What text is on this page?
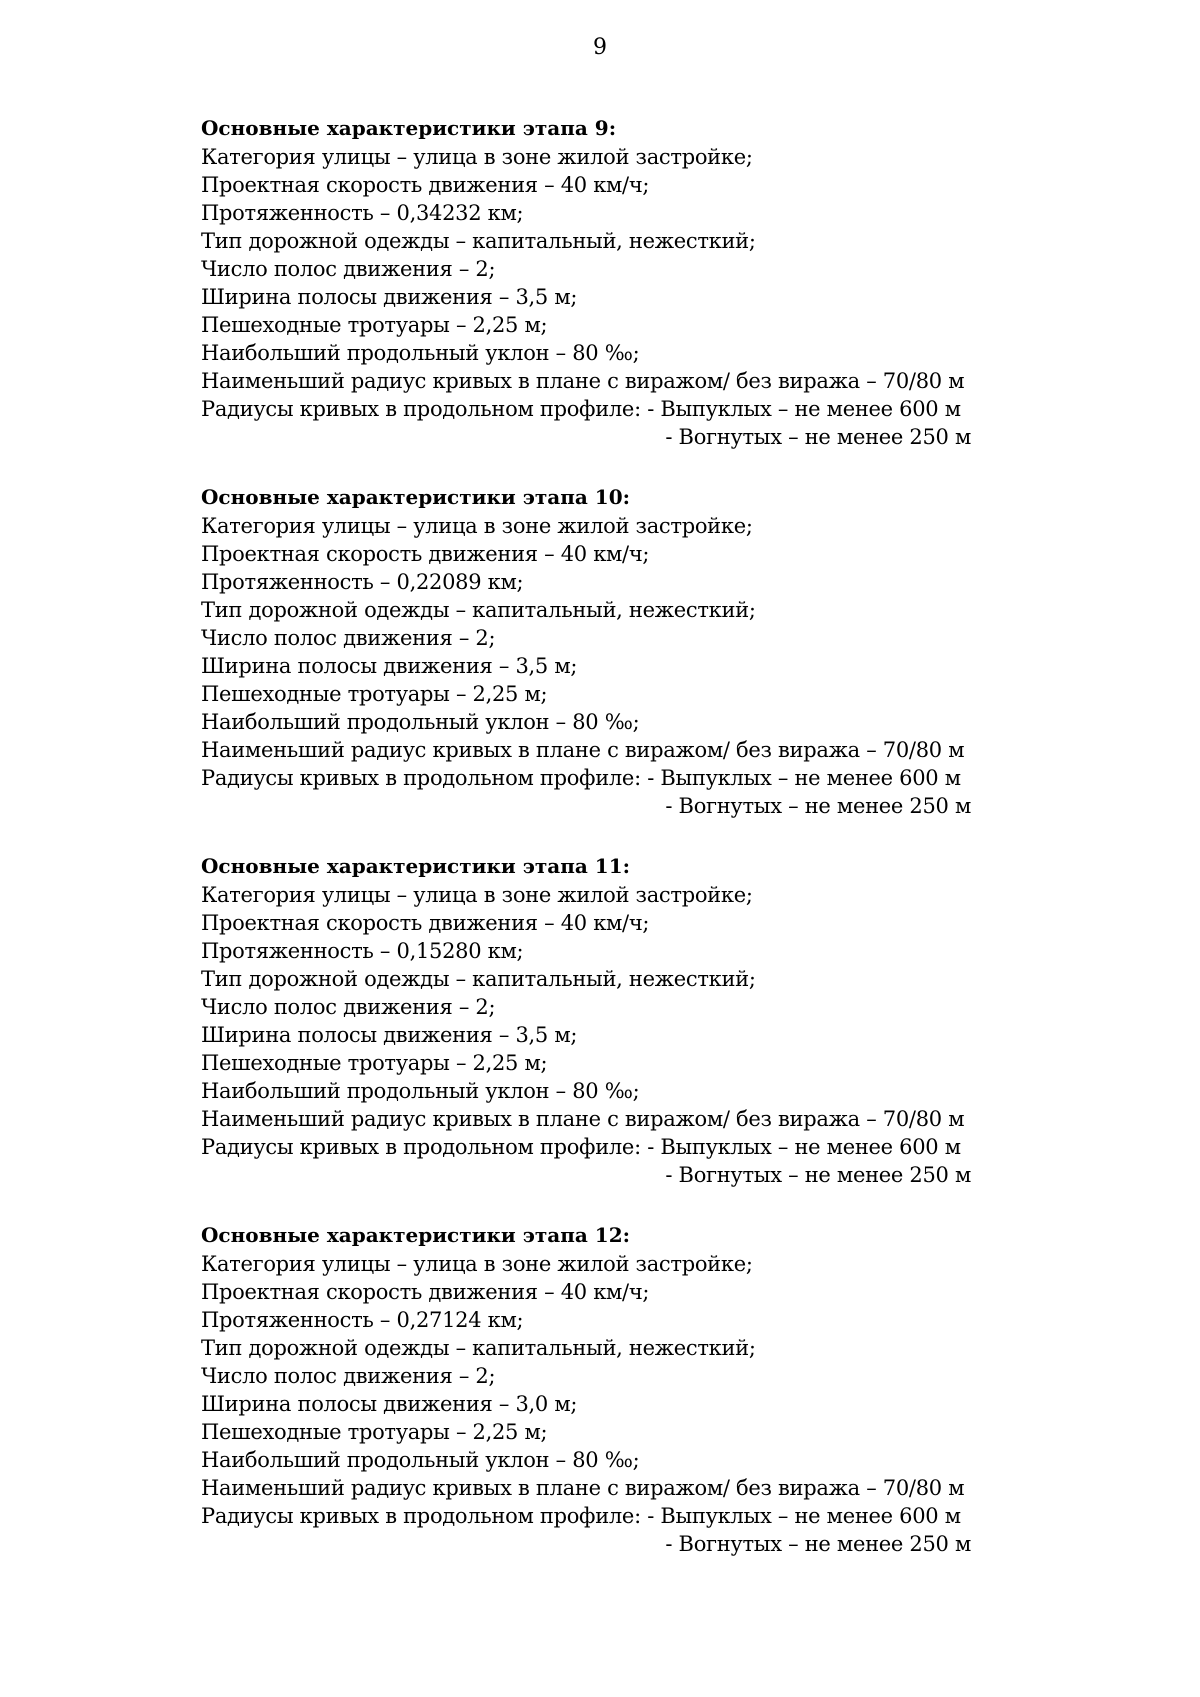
9
Основные характеристики этапа 9:
Категория улицы – улица в зоне жилой застройке;
Проектная скорость движения – 40 км/ч;
Протяженность – 0,34232 км;
Тип дорожной одежды – капитальный, нежесткий;
Число полос движения – 2;
Ширина полосы движения – 3,5 м;
Пешеходные тротуары – 2,25 м;
Наибольший продольный уклон – 80 ‰;
Наименьший радиус кривых в плане с виражом/ без виража – 70/80 м
Радиусы кривых в продольном профиле: - Выпуклых – не менее 600 м
- Вогнутых – не менее 250 м
Основные характеристики этапа 10:
Категория улицы – улица в зоне жилой застройке;
Проектная скорость движения – 40 км/ч;
Протяженность – 0,22089 км;
Тип дорожной одежды – капитальный, нежесткий;
Число полос движения – 2;
Ширина полосы движения – 3,5 м;
Пешеходные тротуары – 2,25 м;
Наибольший продольный уклон – 80 ‰;
Наименьший радиус кривых в плане с виражом/ без виража – 70/80 м
Радиусы кривых в продольном профиле: - Выпуклых – не менее 600 м
- Вогнутых – не менее 250 м
Основные характеристики этапа 11:
Категория улицы – улица в зоне жилой застройке;
Проектная скорость движения – 40 км/ч;
Протяженность – 0,15280 км;
Тип дорожной одежды – капитальный, нежесткий;
Число полос движения – 2;
Ширина полосы движения – 3,5 м;
Пешеходные тротуары – 2,25 м;
Наибольший продольный уклон – 80 ‰;
Наименьший радиус кривых в плане с виражом/ без виража – 70/80 м
Радиусы кривых в продольном профиле: - Выпуклых – не менее 600 м
- Вогнутых – не менее 250 м
Основные характеристики этапа 12:
Категория улицы – улица в зоне жилой застройке;
Проектная скорость движения – 40 км/ч;
Протяженность – 0,27124 км;
Тип дорожной одежды – капитальный, нежесткий;
Число полос движения – 2;
Ширина полосы движения – 3,0 м;
Пешеходные тротуары – 2,25 м;
Наибольший продольный уклон – 80 ‰;
Наименьший радиус кривых в плане с виражом/ без виража – 70/80 м
Радиусы кривых в продольном профиле: - Выпуклых – не менее 600 м
- Вогнутых – не менее 250 м
